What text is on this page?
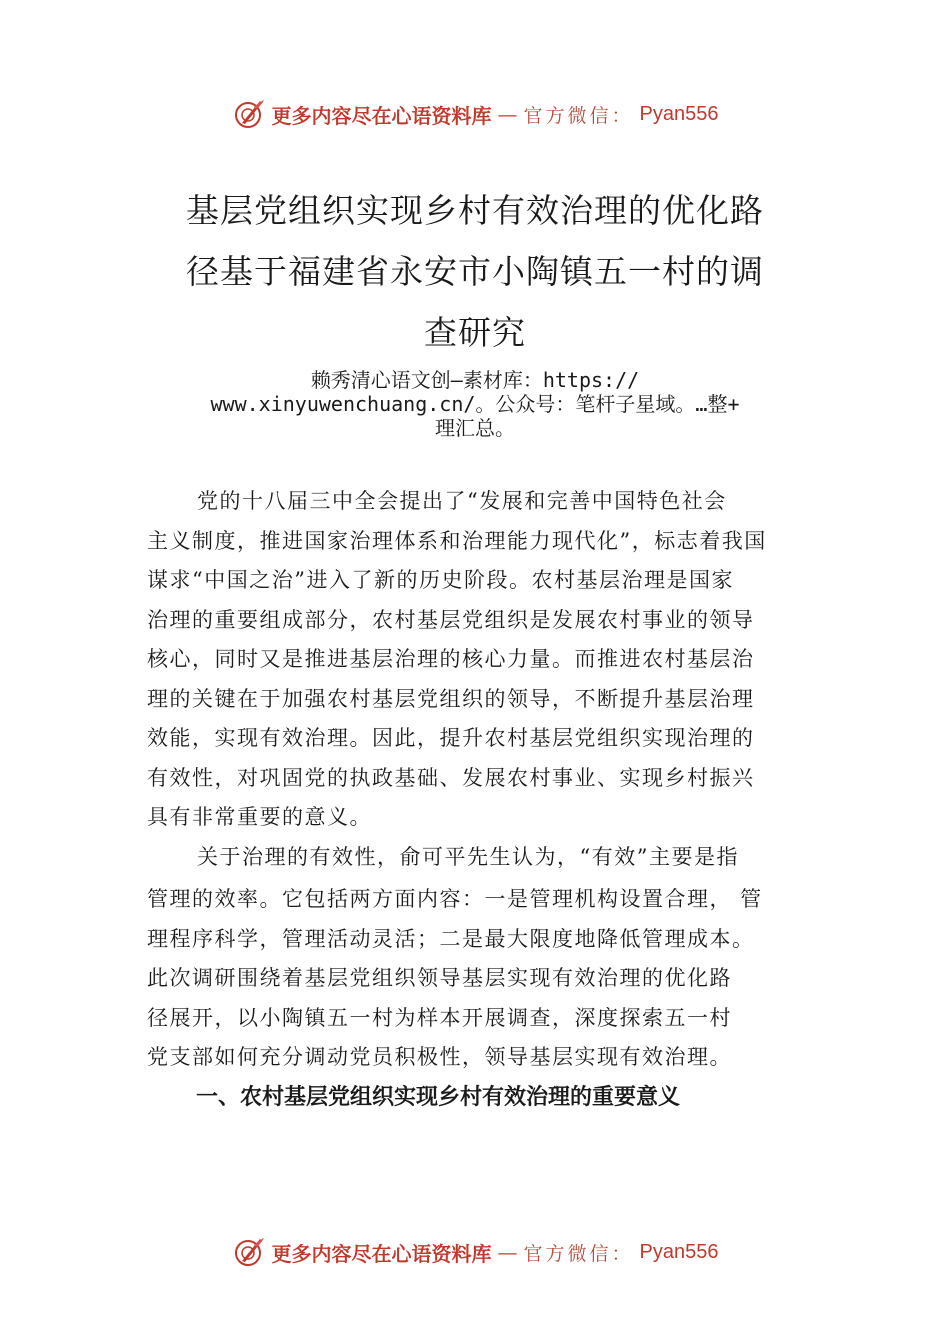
更多内容尽在心语资料库 — 官方微信： Pyan556
基层党组织实现乡村有效治理的优化路
径基于福建省永安市小陶镇五一村的调
查研究
赖秀清心语文创—素材库：https://
www.xinyuwenchuang.cn/。公众号：笔杆子星域。…整+
理汇总。
党的十八届三中全会提出了“发展和完善中国特色社会
主义制度，推进国家治理体系和治理能力现代化”，标志着我国
谋求“中国之治”进入了新的历史阶段。农村基层治理是国家
治理的重要组成部分，农村基层党组织是发展农村事业的领导
核心，同时又是推进基层治理的核心力量。而推进农村基层治
理的关键在于加强农村基层党组织的领导，不断提升基层治理
效能，实现有效治理。因此，提升农村基层党组织实现治理的
有效性，对巩固党的执政基础、发展农村事业、实现乡村振兴
具有非常重要的意义。
关于治理的有效性，俞可平先生认为，“有效”主要是指
管理的效率。它包括两方面内容：一是管理机构设置合理， 管
理程序科学，管理活动灵活；二是最大限度地降低管理成本。
此次调研围绕着基层党组织领导基层实现有效治理的优化路
径展开，以小陶镇五一村为样本开展调查，深度探索五一村
党支部如何充分调动党员积极性，领导基层实现有效治理。
一、农村基层党组织实现乡村有效治理的重要意义
更多内容尽在心语资料库 — 官方微信： Pyan556
